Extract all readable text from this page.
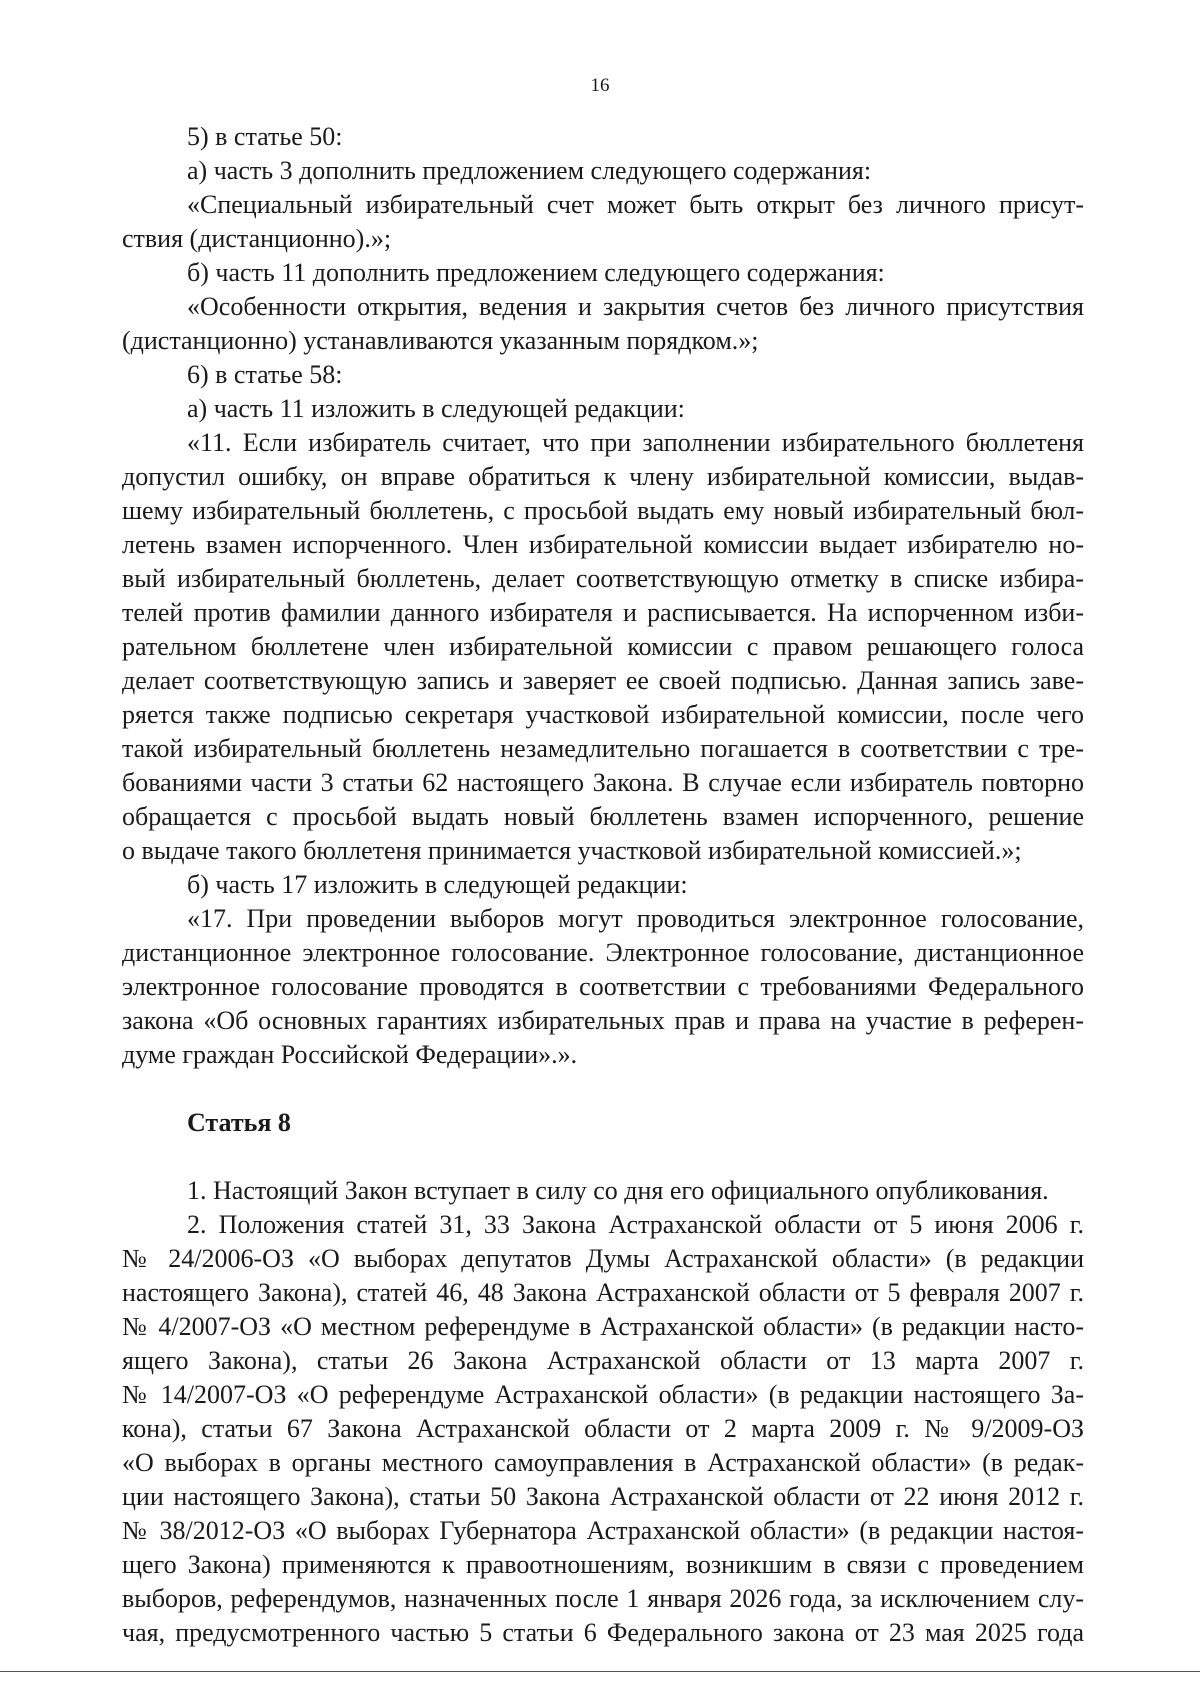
16
5) в статье 50:
а) часть 3 дополнить предложением следующего содержания:
«Специальный избирательный счет может быть открыт без личного присут-
ствия (дистанционно).»;
б) часть 11 дополнить предложением следующего содержания:
«Особенности открытия, ведения и закрытия счетов без личного присутствия
(дистанционно) устанавливаются указанным порядком.»;
6) в статье 58:
а) часть 11 изложить в следующей редакции:
«11. Если избиратель считает, что при заполнении избирательного бюллетеня
допустил ошибку, он вправе обратиться к члену избирательной комиссии, выдав-
шему избирательный бюллетень, с просьбой выдать ему новый избирательный бюл-
летень взамен испорченного. Член избирательной комиссии выдает избирателю но-
вый избирательный бюллетень, делает соответствующую отметку в списке избира-
телей против фамилии данного избирателя и расписывается. На испорченном изби-
рательном бюллетене член избирательной комиссии с правом решающего голоса
делает соответствующую запись и заверяет ее своей подписью. Данная запись заве-
ряется также подписью секретаря участковой избирательной комиссии, после чего
такой избирательный бюллетень незамедлительно погашается в соответствии с тре-
бованиями части 3 статьи 62 настоящего Закона. В случае если избиратель повторно
обращается с просьбой выдать новый бюллетень взамен испорченного, решение
о выдаче такого бюллетеня принимается участковой избирательной комиссией.»;
б) часть 17 изложить в следующей редакции:
«17. При проведении выборов могут проводиться электронное голосование,
дистанционное электронное голосование. Электронное голосование, дистанционное
электронное голосование проводятся в соответствии с требованиями Федерального
закона «Об основных гарантиях избирательных прав и права на участие в референ-
думе граждан Российской Федерации».».
Статья 8
1. Настоящий Закон вступает в силу со дня его официального опубликования.
2. Положения статей 31, 33 Закона Астраханской области от 5 июня 2006 г.
№ 24/2006-ОЗ «О выборах депутатов Думы Астраханской области» (в редакции
настоящего Закона), статей 46, 48 Закона Астраханской области от 5 февраля 2007 г.
№ 4/2007-ОЗ «О местном референдуме в Астраханской области» (в редакции насто-
ящего Закона), статьи 26 Закона Астраханской области от 13 марта 2007 г.
№ 14/2007-ОЗ «О референдуме Астраханской области» (в редакции настоящего За-
кона), статьи 67 Закона Астраханской области от 2 марта 2009 г. № 9/2009-ОЗ
«О выборах в органы местного самоуправления в Астраханской области» (в редак-
ции настоящего Закона), статьи 50 Закона Астраханской области от 22 июня 2012 г.
№ 38/2012-ОЗ «О выборах Губернатора Астраханской области» (в редакции настоя-
щего Закона) применяются к правоотношениям, возникшим в связи с проведением
выборов, референдумов, назначенных после 1 января 2026 года, за исключением слу-
чая, предусмотренного частью 5 статьи 6 Федерального закона от 23 мая 2025 года
